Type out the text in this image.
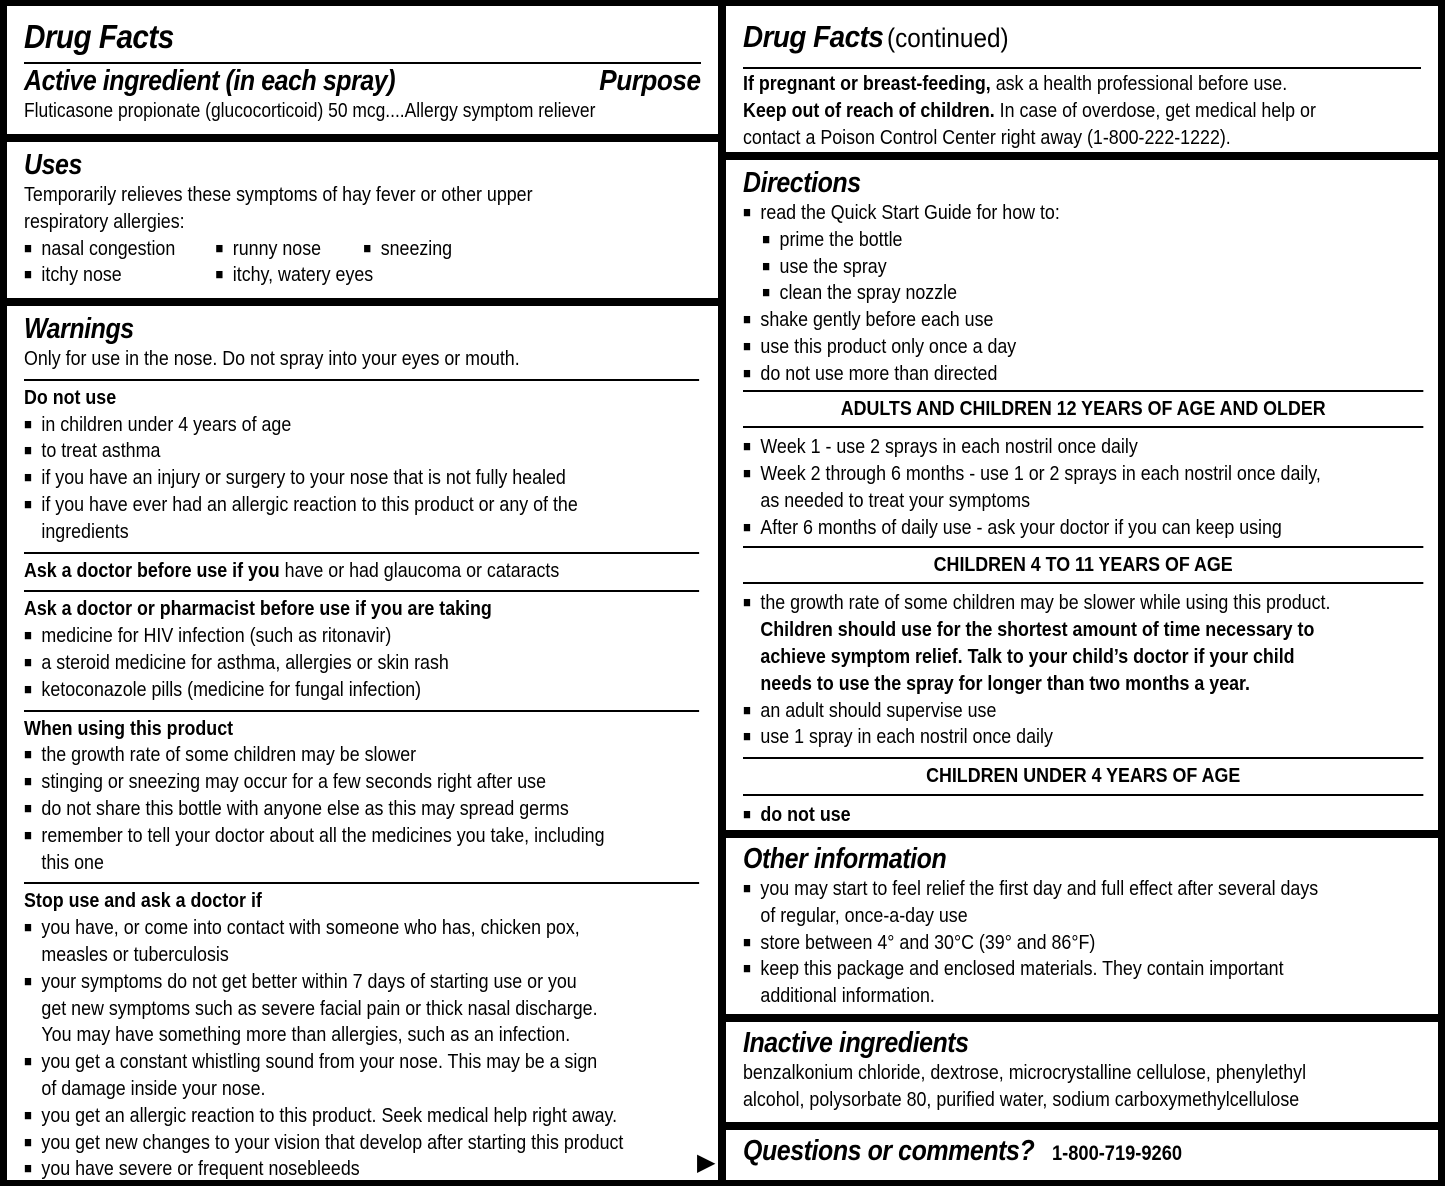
Drug Facts
Active ingredient (in each spray)	Purpose
Fluticasone propionate (glucocorticoid) 50 mcg....Allergy symptom reliever
Uses
Temporarily relieves these symptoms of hay fever or other upper
respiratory allergies:
■ nasal congestion	■ runny nose	■ sneezing
■ itchy nose	■ itchy, watery eyes
Warnings
Only for use in the nose. Do not spray into your eyes or mouth.
Do not use
■ in children under 4 years of age
■ to treat asthma
■ if you have an injury or surgery to your nose that is not fully healed
■ if you have ever had an allergic reaction to this product or any of the
ingredients
Ask a doctor before use if you have or had glaucoma or cataracts
Ask a doctor or pharmacist before use if you are taking
■ medicine for HIV infection (such as ritonavir)
■ a steroid medicine for asthma, allergies or skin rash
■ ketoconazole pills (medicine for fungal infection)
When using this product
■ the growth rate of some children may be slower
■ stinging or sneezing may occur for a few seconds right after use
■ do not share this bottle with anyone else as this may spread germs
■ remember to tell your doctor about all the medicines you take, including
this one
Stop use and ask a doctor if
■ you have, or come into contact with someone who has, chicken pox,
measles or tuberculosis
■ your symptoms do not get better within 7 days of starting use or you
get new symptoms such as severe facial pain or thick nasal discharge.
You may have something more than allergies, such as an infection.
■ you get a constant whistling sound from your nose. This may be a sign
of damage inside your nose.
■ you get an allergic reaction to this product. Seek medical help right away.
■ you get new changes to your vision that develop after starting this product
■ you have severe or frequent nosebleeds	▶
Drug Facts(continued)
If pregnant or breast-feeding, ask a health professional before use.
Keep out of reach of children. In case of overdose, get medical help or
contact a Poison Control Center right away (1-800-222-1222).
Directions
■ read the Quick Start Guide for how to:
■ prime the bottle
■ use the spray
■ clean the spray nozzle
■ shake gently before each use
■ use this product only once a day
■ do not use more than directed
ADULTS AND CHILDREN 12 YEARS OF AGE AND OLDER
■ Week 1 - use 2 sprays in each nostril once daily
■ Week 2 through 6 months - use 1 or 2 sprays in each nostril once daily,
as needed to treat your symptoms
■ After 6 months of daily use - ask your doctor if you can keep using
CHILDREN 4 TO 11 YEARS OF AGE
■ the growth rate of some children may be slower while using this product.
Children should use for the shortest amount of time necessary to
achieve symptom relief. Talk to your child’s doctor if your child
needs to use the spray for longer than two months a year.
■ an adult should supervise use
■ use 1 spray in each nostril once daily
CHILDREN UNDER 4 YEARS OF AGE
■ do not use
Other information
■ you may start to feel relief the first day and full effect after several days
of regular, once-a-day use
■ store between 4° and 30°C (39° and 86°F)
■ keep this package and enclosed materials. They contain important
additional information.
Inactive ingredients
benzalkonium chloride, dextrose, microcrystalline cellulose, phenylethyl
alcohol, polysorbate 80, purified water, sodium carboxymethylcellulose
Questions or comments? 1-800-719-9260
